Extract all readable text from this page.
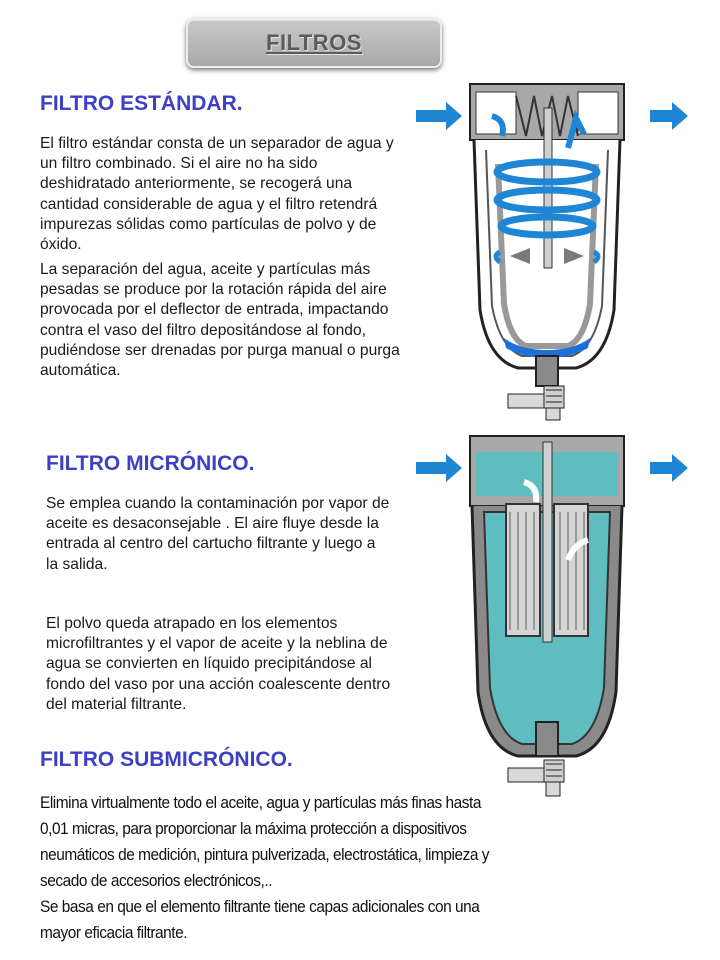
FILTROS
FILTRO ESTÁNDAR.

El filtro estándar consta de un separador de agua y un filtro combinado. Si el aire no ha sido deshidratado anteriormente, se recogerá una cantidad considerable de agua y el filtro retendrá impurezas sólidas como partículas de polvo y de óxido.

La separación del agua, aceite y partículas más pesadas se produce por la rotación rápida del aire provocada por el deflector de entrada, impactando contra el vaso del filtro depositándose al fondo, pudiéndose ser drenadas por purga manual o purga automática.

FILTRO MICRÓNICO.

Se emplea cuando la contaminación por vapor de aceite es desaconsejable . El aire fluye desde la entrada al centro del cartucho filtrante y luego a la salida.

El polvo queda atrapado en los elementos microfiltrantes y el vapor de aceite y la neblina de agua se convierten en líquido precipitándose al fondo del vaso por una acción coalescente dentro del material filtrante.

FILTRO SUBMICRÓNICO.

Elimina virtualmente todo el aceite, agua y partículas más finas hasta 0,01 micras, para proporcionar la máxima protección a dispositivos neumáticos de medición, pintura pulverizada, electrostática, limpieza y secado de accesorios electrónicos,..

Se basa en que el elemento filtrante tiene capas adicionales con una mayor eficacia filtrante.
